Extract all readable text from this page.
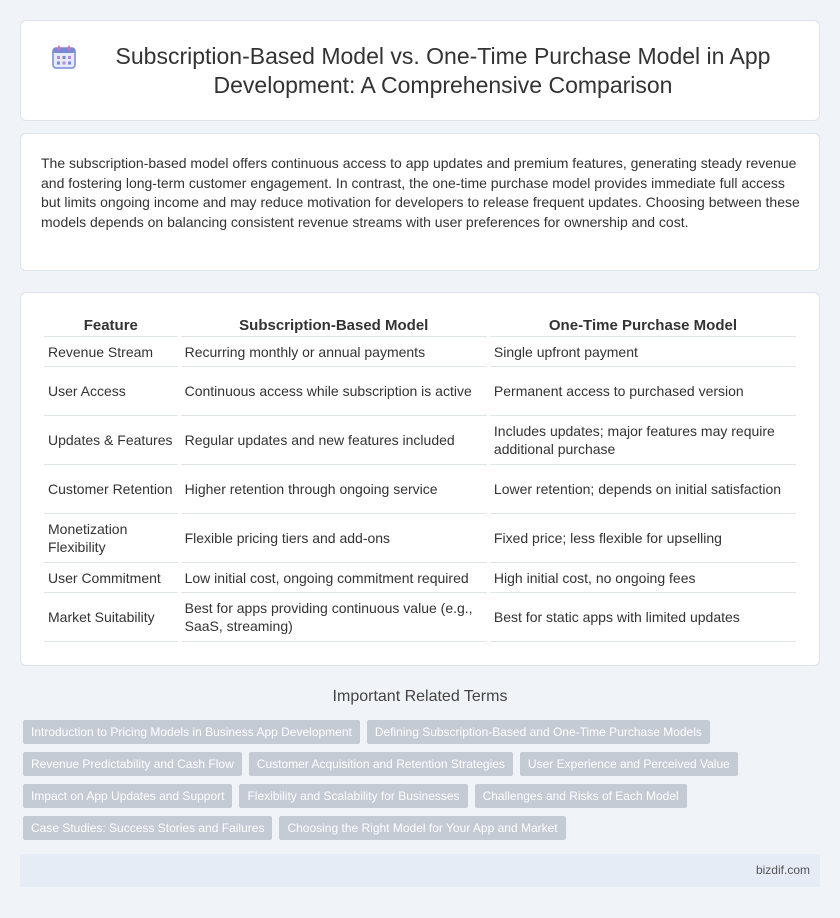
Subscription-Based Model vs. One-Time Purchase Model in App Development: A Comprehensive Comparison

The subscription-based model offers continuous access to app updates and premium features, generating steady revenue and fostering long-term customer engagement. In contrast, the one-time purchase model provides immediate full access but limits ongoing income and may reduce motivation for developers to release frequent updates. Choosing between these models depends on balancing consistent revenue streams with user preferences for ownership and cost.

Feature	Subscription-Based Model	One-Time Purchase Model
Revenue Stream	Recurring monthly or annual payments	Single upfront payment
User Access	Continuous access while subscription is active	Permanent access to purchased version
Updates & Features	Regular updates and new features included	Includes updates; major features may require additional purchase
Customer Retention	Higher retention through ongoing service	Lower retention; depends on initial satisfaction
Monetization Flexibility	Flexible pricing tiers and add-ons	Fixed price; less flexible for upselling
User Commitment	Low initial cost, ongoing commitment required	High initial cost, no ongoing fees
Market Suitability	Best for apps providing continuous value (e.g., SaaS, streaming)	Best for static apps with limited updates
Important Related Terms
Introduction to Pricing Models in Business App Development	Defining Subscription-Based and One-Time Purchase Models
Revenue Predictability and Cash Flow	Customer Acquisition and Retention Strategies	User Experience and Perceived Value
Impact on App Updates and Support	Flexibility and Scalability for Businesses	Challenges and Risks of Each Model
Case Studies: Success Stories and Failures	Choosing the Right Model for Your App and Market
bizdif.com
